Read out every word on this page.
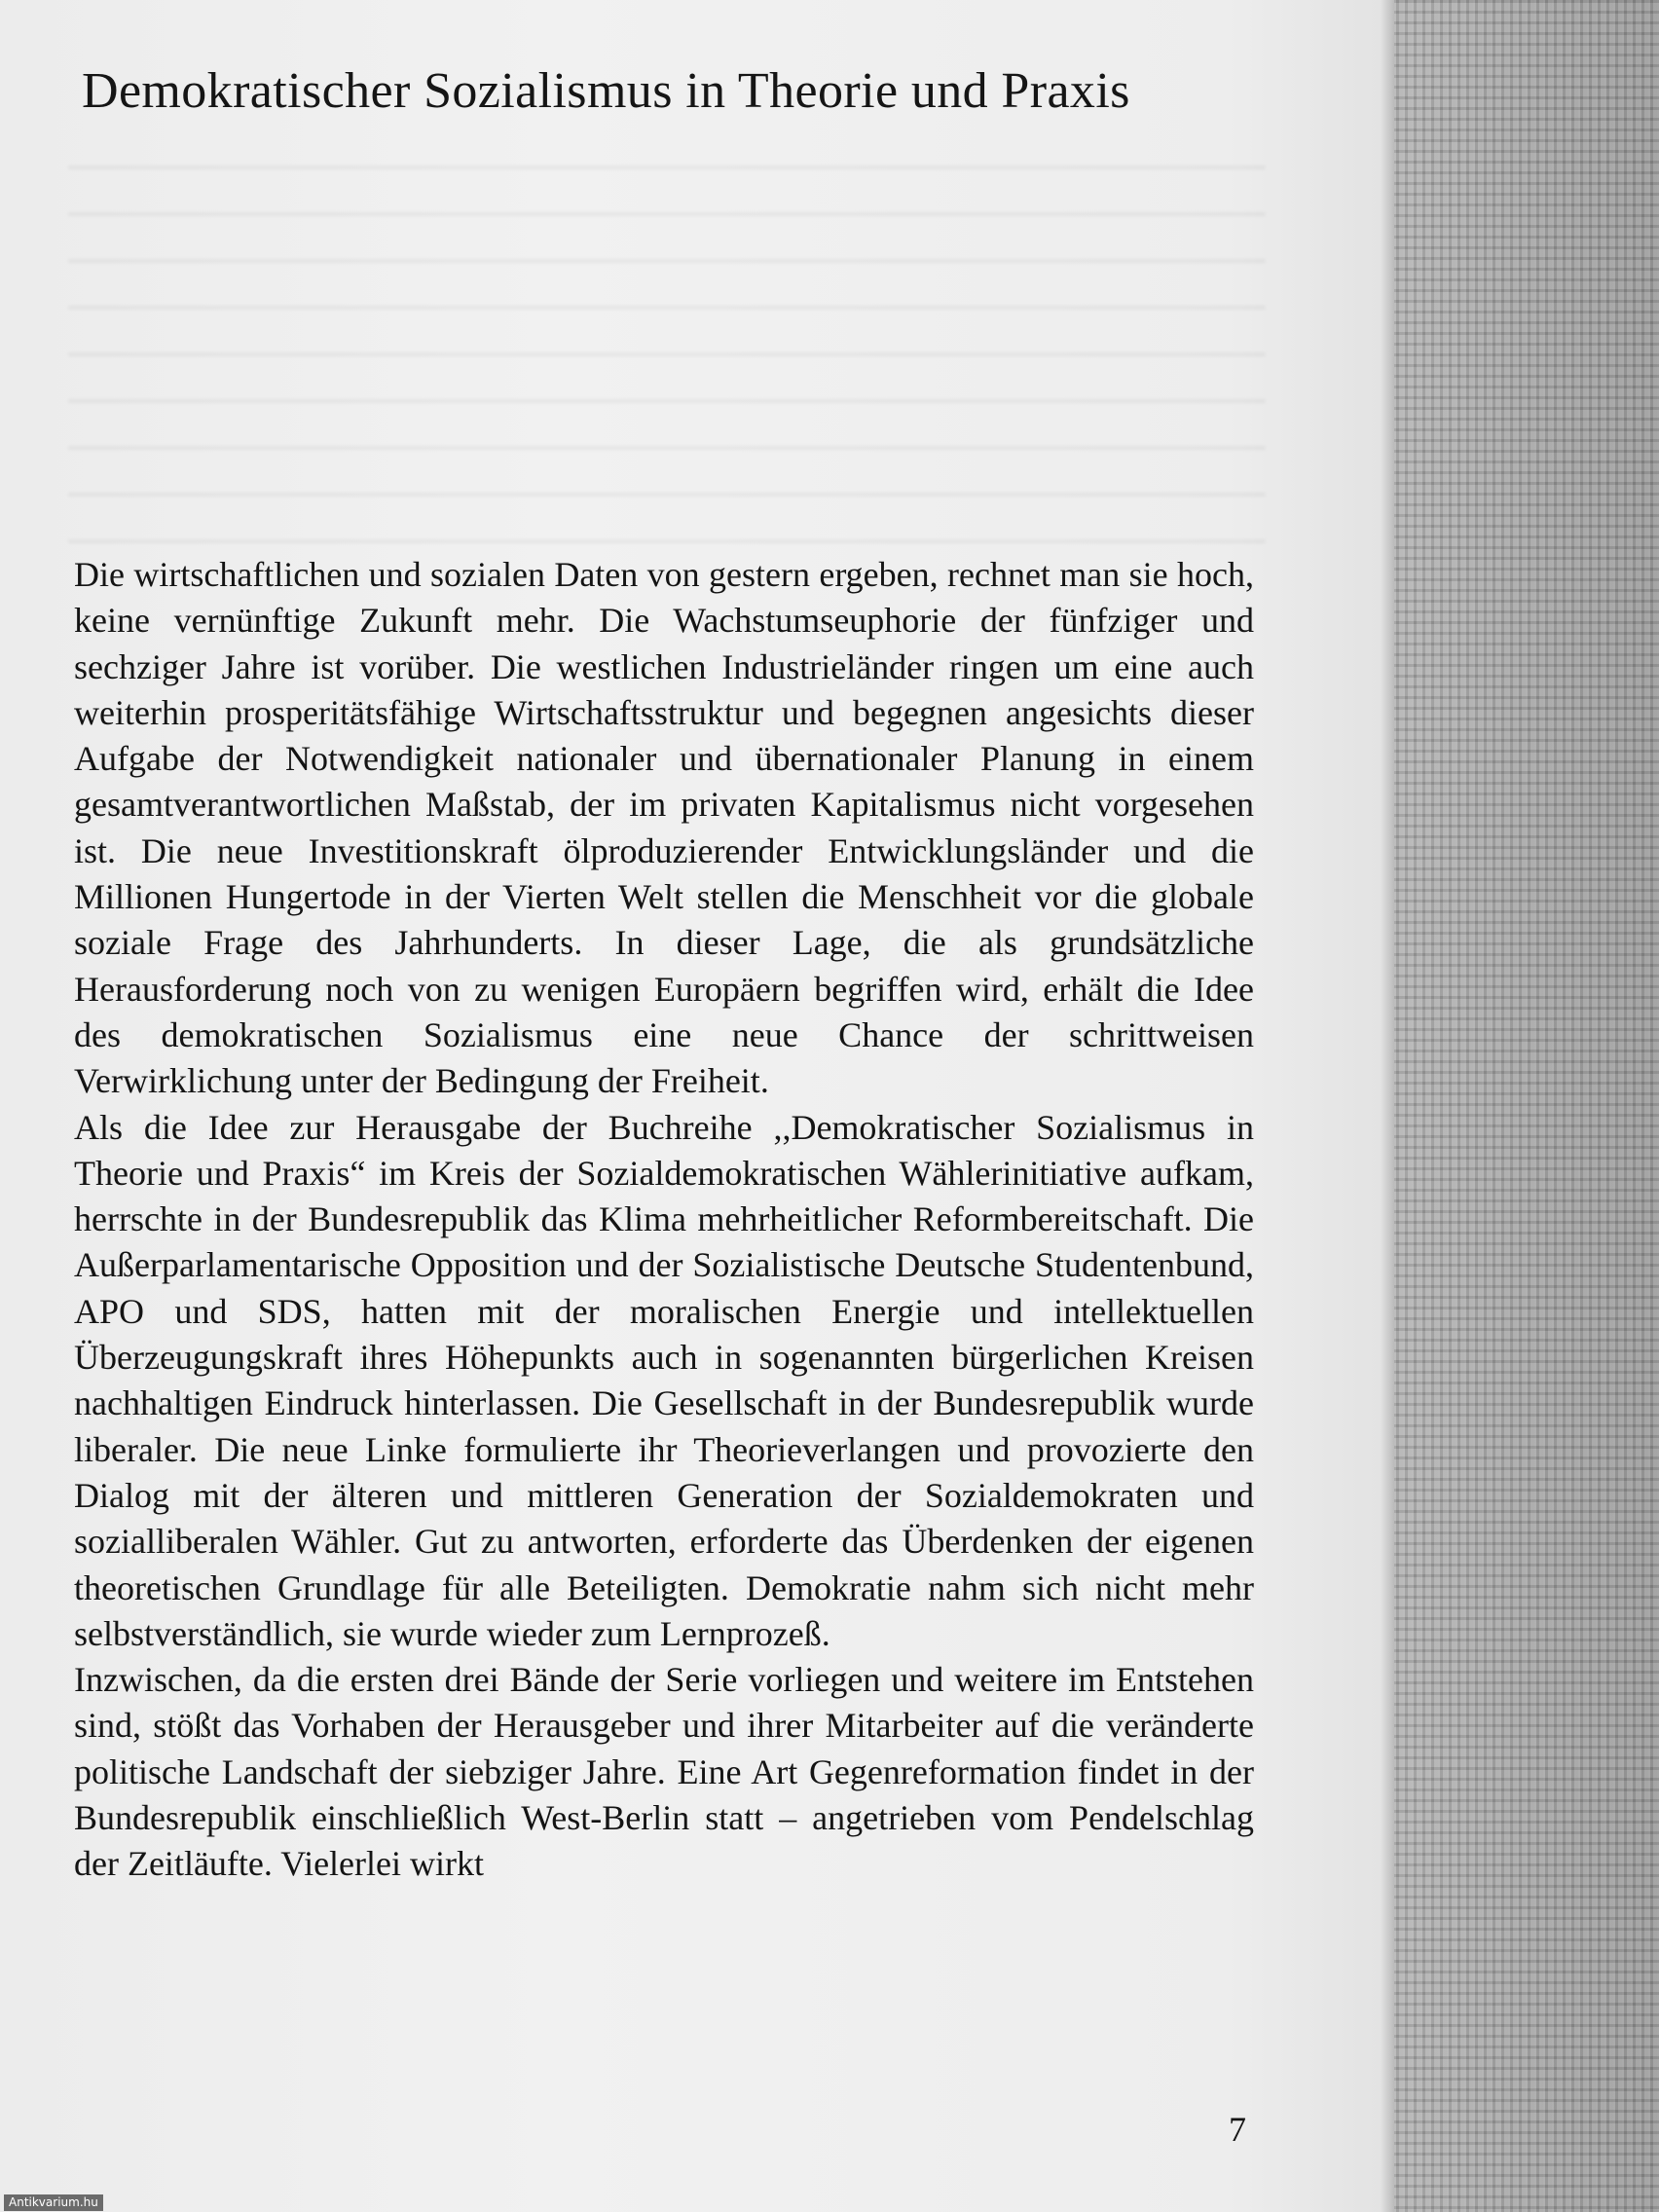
Demokratischer Sozialismus in Theorie und Praxis

Die wirtschaftlichen und sozialen Daten von gestern ergeben, rechnet man sie hoch, keine vernünftige Zukunft mehr. Die Wachstumseuphorie der fünfziger und sechziger Jahre ist vorüber. Die westlichen Industrieländer ringen um eine auch weiterhin prosperitätsfähige Wirtschaftsstruktur und begegnen angesichts dieser Aufgabe der Notwendigkeit nationaler und übernationaler Planung in einem gesamtverantwortlichen Maßstab, der im privaten Kapitalismus nicht vorgesehen ist. Die neue Investitionskraft ölproduzierender Entwicklungsländer und die Millionen Hungertode in der Vierten Welt stellen die Menschheit vor die globale soziale Frage des Jahrhunderts. In dieser Lage, die als grundsätzliche Herausforderung noch von zu wenigen Europäern begriffen wird, erhält die Idee des demokratischen Sozialismus eine neue Chance der schrittweisen Verwirklichung unter der Bedingung der Freiheit.

Als die Idee zur Herausgabe der Buchreihe ,,Demokratischer Sozialismus in Theorie und Praxis“ im Kreis der Sozialdemokratischen Wählerinitiative aufkam, herrschte in der Bundesrepublik das Klima mehrheitlicher Reformbereitschaft. Die Außerparlamentarische Opposition und der Sozialistische Deutsche Studentenbund, APO und SDS, hatten mit der moralischen Energie und intellektuellen Überzeugungskraft ihres Höhepunkts auch in sogenannten bürgerlichen Kreisen nachhaltigen Eindruck hinterlassen. Die Gesellschaft in der Bundesrepublik wurde liberaler. Die neue Linke formulierte ihr Theorieverlangen und provozierte den Dialog mit der älteren und mittleren Generation der Sozialdemokraten und sozialliberalen Wähler. Gut zu antworten, erforderte das Überdenken der eigenen theoretischen Grundlage für alle Beteiligten. Demokratie nahm sich nicht mehr selbstverständlich, sie wurde wieder zum Lernprozeß.

Inzwischen, da die ersten drei Bände der Serie vorliegen und weitere im Entstehen sind, stößt das Vorhaben der Herausgeber und ihrer Mitarbeiter auf die veränderte politische Landschaft der siebziger Jahre. Eine Art Gegenreformation findet in der Bundesrepublik einschließlich West-Berlin statt – angetrieben vom Pendelschlag der Zeitläufte. Vielerlei wirkt

7
Antikvarium.hu
